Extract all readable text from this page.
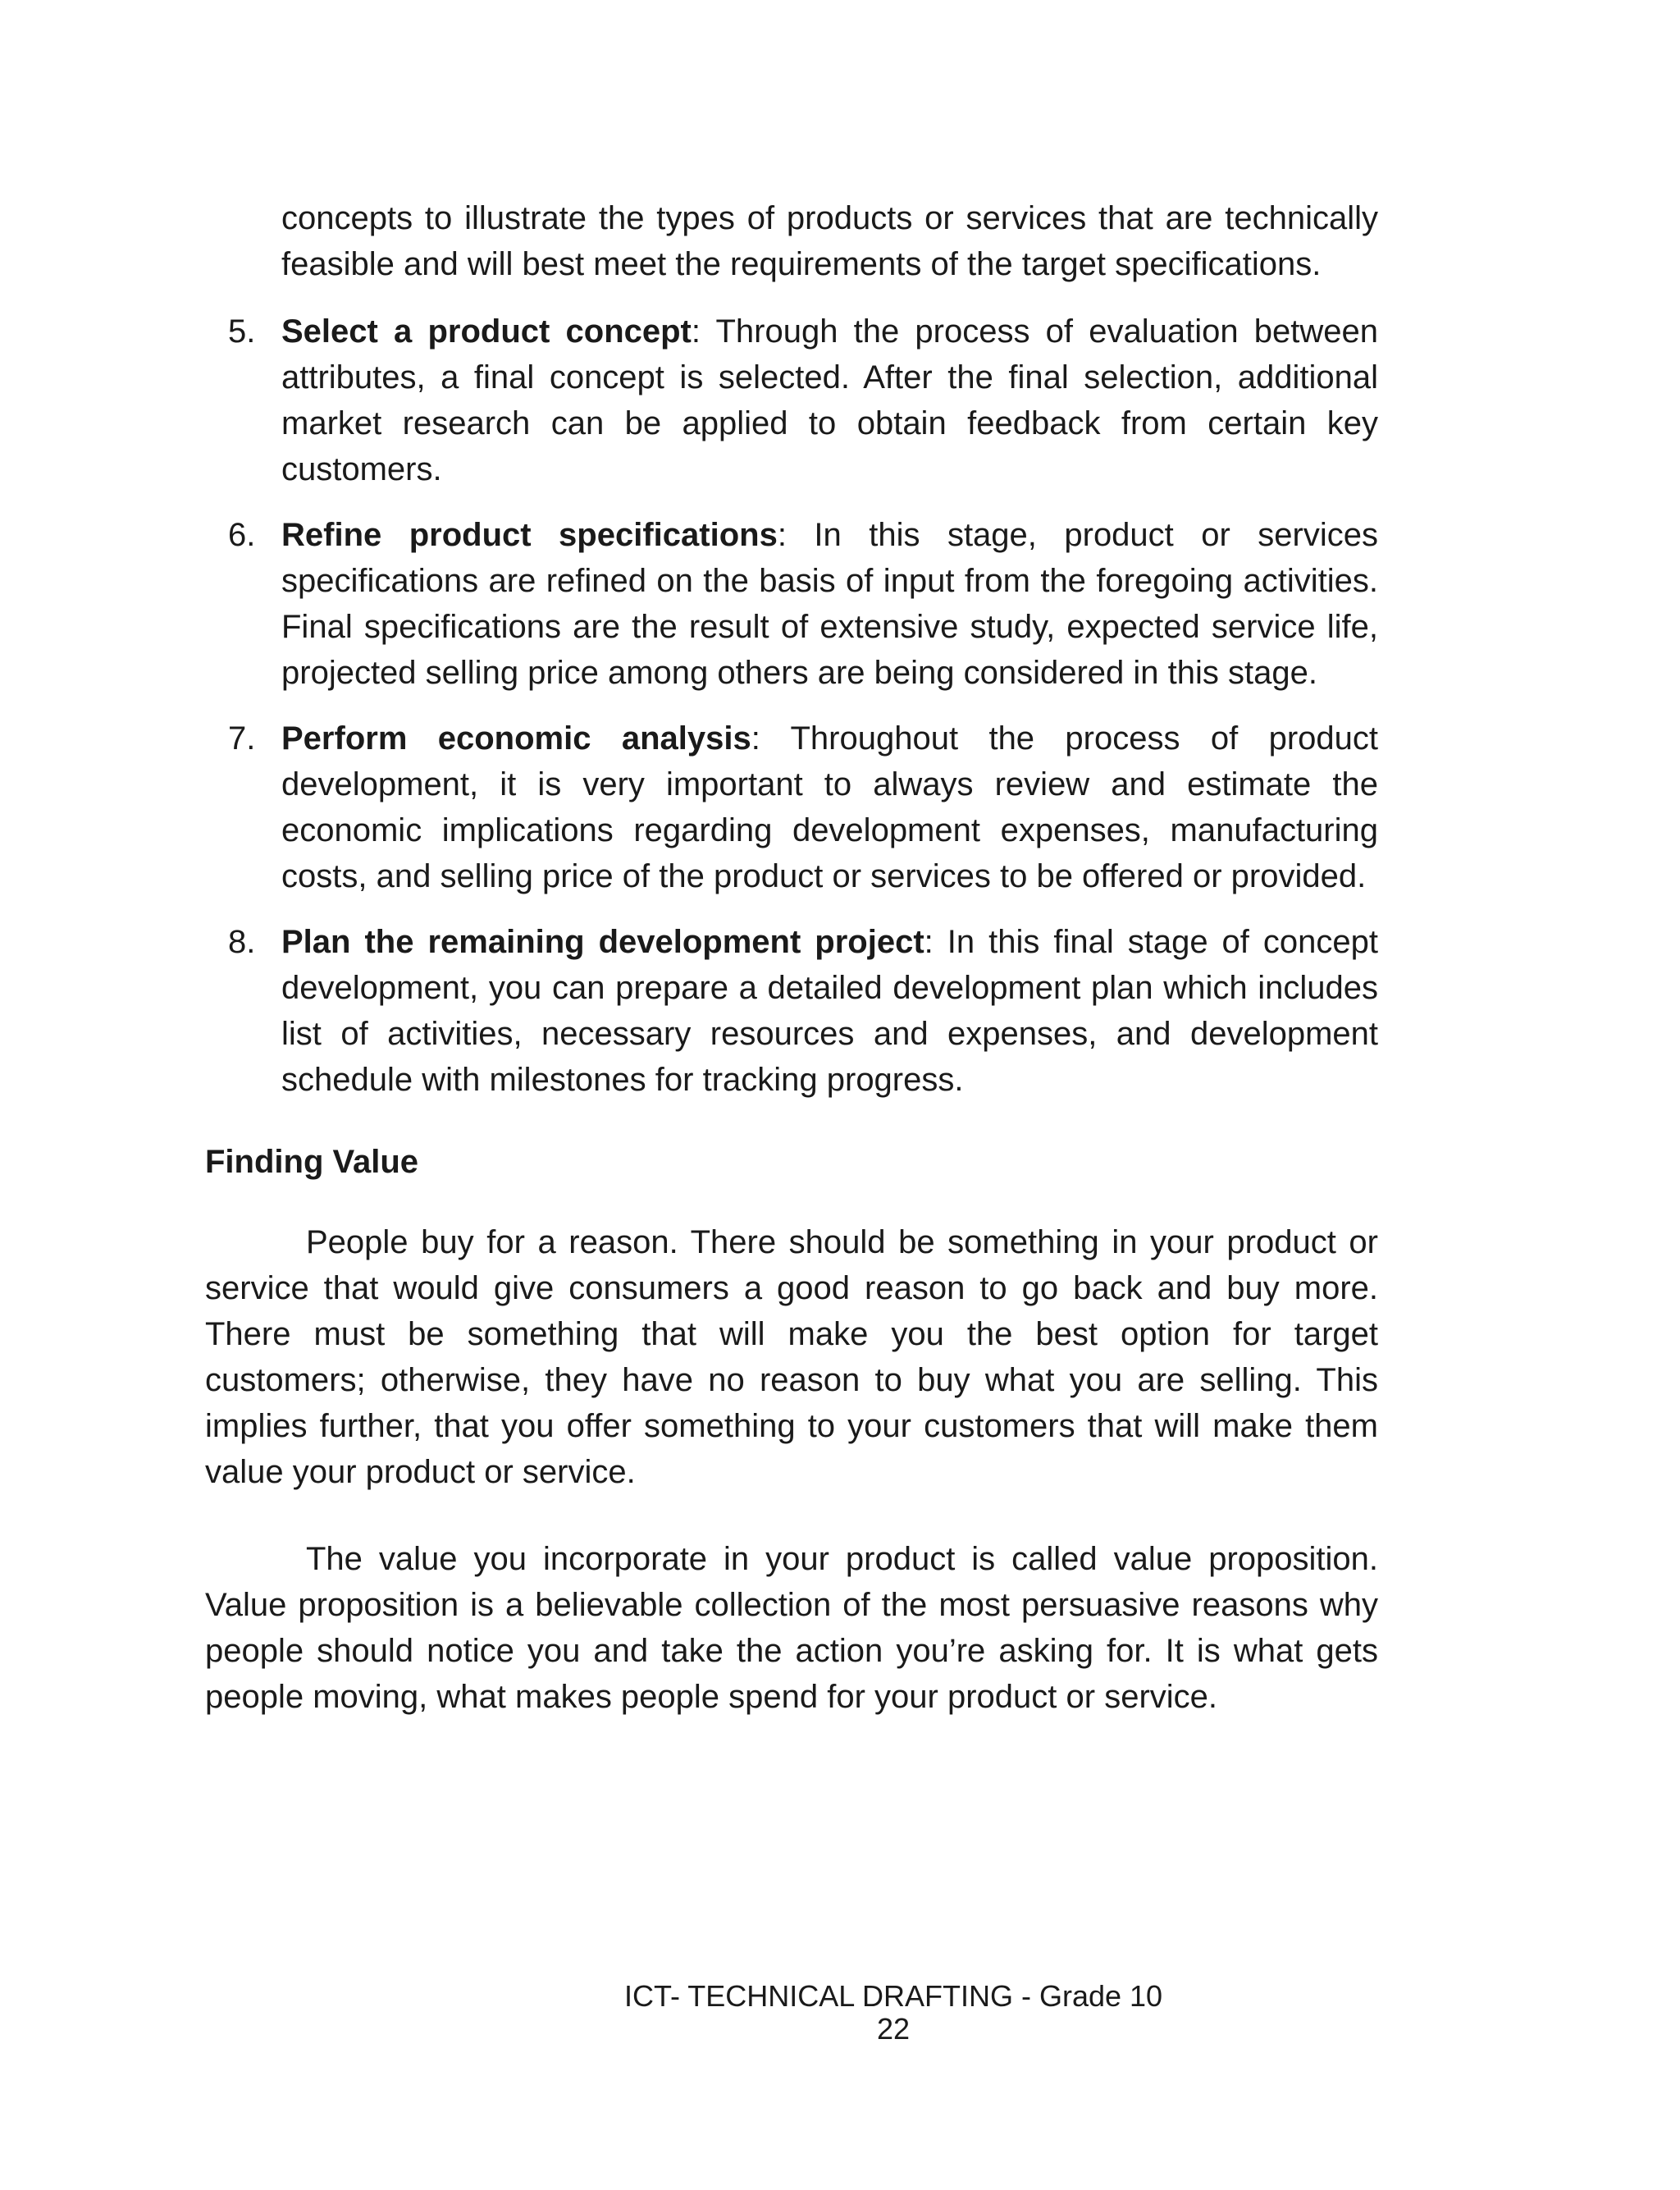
concepts to illustrate the types of products or services that are technically feasible and will best meet the requirements of the target specifications.
5. Select a product concept: Through the process of evaluation between attributes, a final concept is selected. After the final selection, additional market research can be applied to obtain feedback from certain key customers.
6. Refine product specifications: In this stage, product or services specifications are refined on the basis of input from the foregoing activities. Final specifications are the result of extensive study, expected service life, projected selling price among others are being considered in this stage.
7. Perform economic analysis: Throughout the process of product development, it is very important to always review and estimate the economic implications regarding development expenses, manufacturing costs, and selling price of the product or services to be offered or provided.
8. Plan the remaining development project: In this final stage of concept development, you can prepare a detailed development plan which includes list of activities, necessary resources and expenses, and development schedule with milestones for tracking progress.
Finding Value

People buy for a reason. There should be something in your product or service that would give consumers a good reason to go back and buy more. There must be something that will make you the best option for target customers; otherwise, they have no reason to buy what you are selling. This implies further, that you offer something to your customers that will make them value your product or service.

The value you incorporate in your product is called value proposition. Value proposition is a believable collection of the most persuasive reasons why people should notice you and take the action you’re asking for. It is what gets people moving, what makes people spend for your product or service.

ICT- TECHNICAL DRAFTING - Grade 10
22
